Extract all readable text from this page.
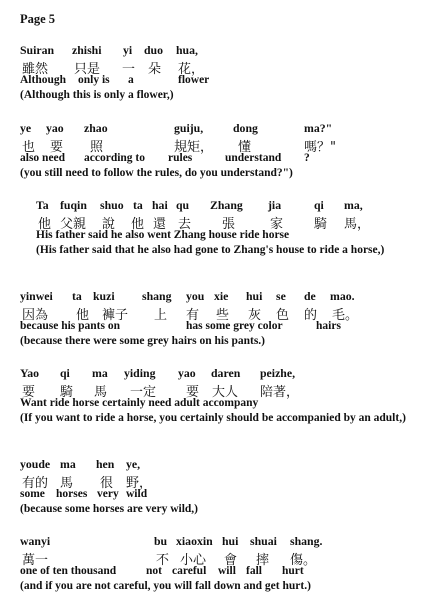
Page 5
Suiran zhishi yi duo hua,
雖然 只是 一 朵 花，
Although only is a	flower
(Although this is only a flower,)
ye yao zhao	guiju,	dong	ma?"
也 要 照	規矩， 懂	嗎？"
also need according to rules	understand ?
(you still need to follow the rules, do you understand?")
Ta fuqin shuo ta hai qu Zhang jia	qi ma,
他 父親 說 他 還 去 張	家 騎 馬，
His father said he also went Zhang house ride horse
(His father said that he also had gone to Zhang's house to ride a horse,)
yinwei ta kuzi shang you xie hui se de mao.
因為 他 褲子 上 有 些 灰 色 的 毛。
because his pants on	has some grey color	hairs
(because there were some grey hairs on his pants.)
Yao qi ma yiding yao daren peizhe,
要 騎 馬 一定 要 大人 陪著，
Want ride horse certainly need adult accompany
(If you want to ride a horse, you certainly should be accompanied by an adult,)
youde ma hen ye,
有的 馬 很 野，
some horses very wild
(because some horses are very wild,)
wanyi	bu xiaoxin hui shuai shang.
萬一	不 小心 會 摔 傷。
one of ten thousand	not careful will fall hurt
(and if you are not careful, you will fall down and get hurt.)
